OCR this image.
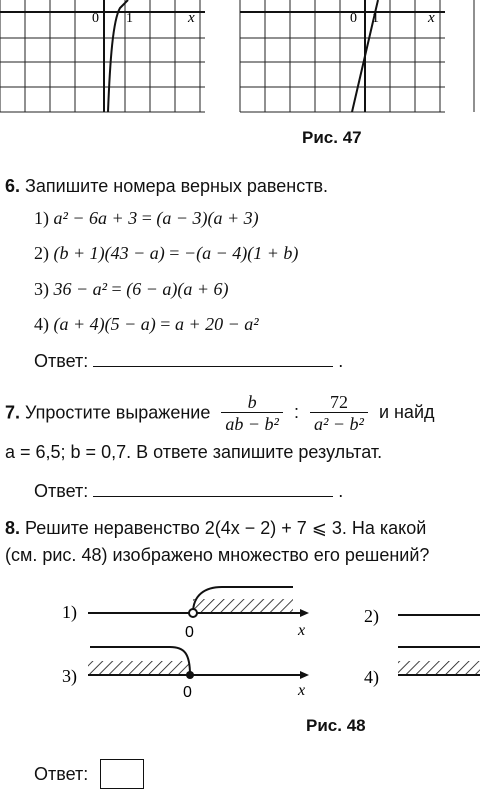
0 1	x	0 1	x
Рис. 47
6. Запишите номера верных равенств.
1) a² − 6a + 3 = (a − 3)(a + 3)
2) (b + 1)(43 − a) = −(a − 4)(1 + b)
3) 36 − a² = (6 − a)(a + 6)
4) (a + 4)(5 − a) = a + 20 − a²
Ответ:	.
7. Упростите выражение $\frac{b}{\text{ab − b²}}$ : $\frac{72}{\text{a² − b²}}$ и найд
a = 6,5; b = 0,7. В ответе запишите результат.
Ответ:	.
8. Решите неравенство 2(4x − 2) + 7 ⩽ 3. На какой
(см. рис. 48) изображено множество его решений?
1)
0	x
2)
3)
0	x
4)
Рис. 48
Ответ:
